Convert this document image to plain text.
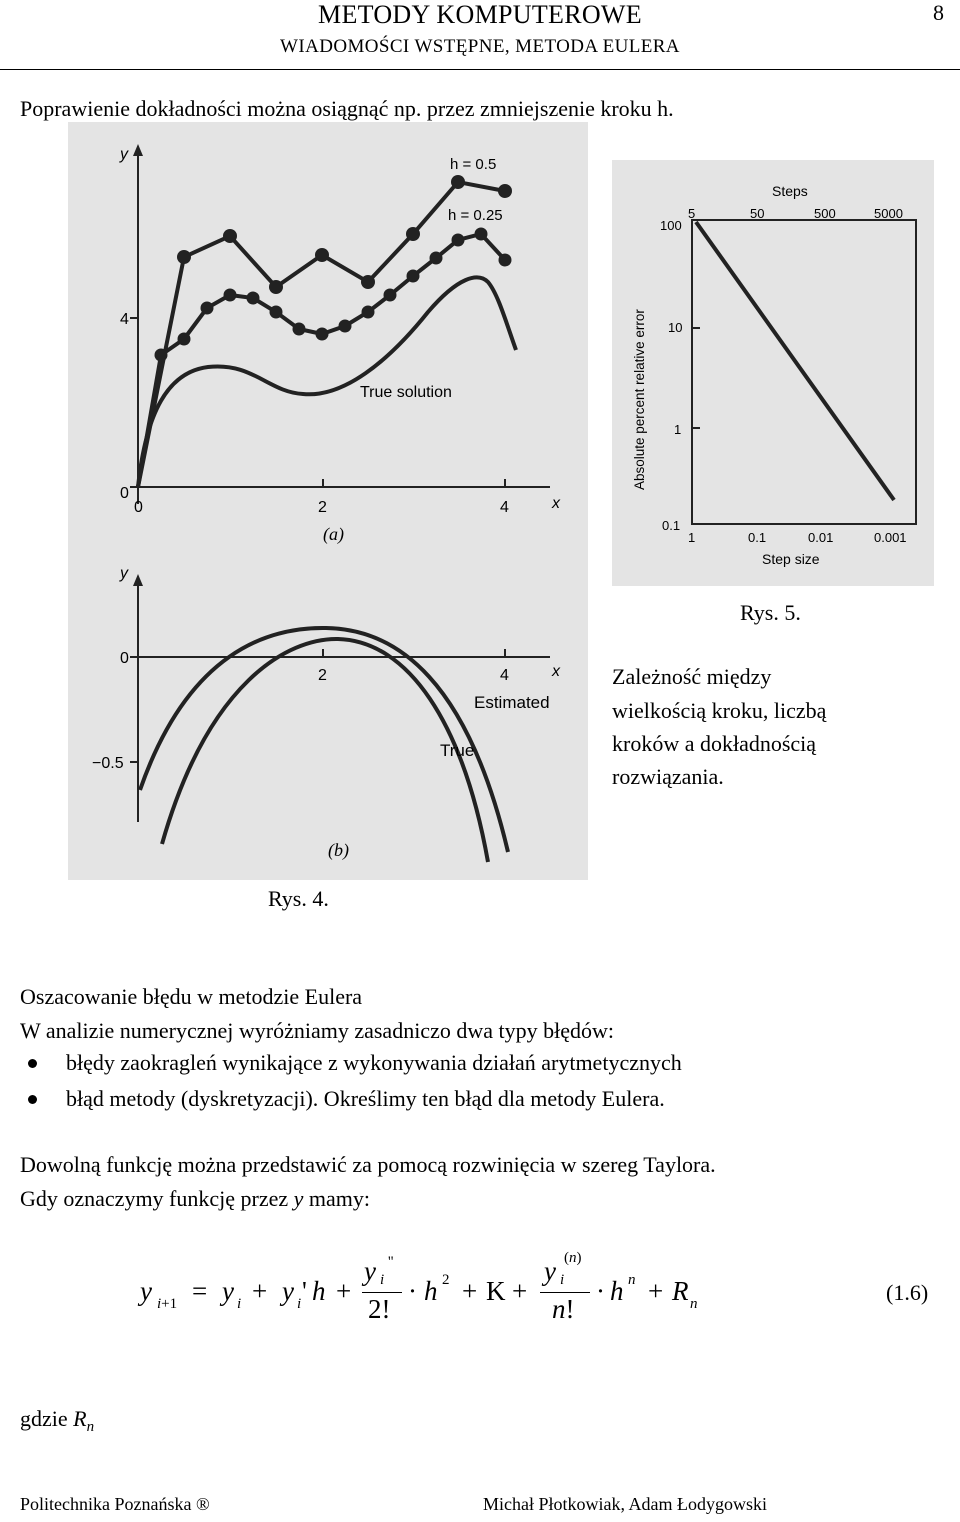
METODY KOMPUTEROWE
WIADOMOŚCI WSTĘPNE, METODA EULERA
8
Poprawienie dokładności można osiągnąć np. przez zmniejszenie kroku h.
y
x
4
0
0	2	4
h = 0.5
h = 0.25
True solution
(a)
y
x
0
−0.5
2	4
Estimated
True
(b)
Rys. 4.
Steps
5	50	500	5000
100
10
1
0.1
1	0.1	0.01	0.001
Step size
Absolute percent relative error
Rys. 5.
Zależność między
wielkością kroku, liczbą
kroków a dokładnością
rozwiązania.
Oszacowanie błędu w metodzie Eulera
W analizie numerycznej wyróżniamy zasadniczo dwa typy błędów:
błędy zaokragleń wynikające z wykonywania działań arytmetycznych
błąd metody (dyskretyzacji). Określimy ten błąd dla metody Eulera.
Dowolną funkcję można przedstawić za pomocą rozwinięcia w szereg Taylora.
Gdy oznaczymy funkcję przez y mamy:
y i+1 = y i + y i ' h +
y i
''
2!
· h 2 + K +
y i
(n)
n!
· h n + R n	(1.6)
gdzie $R_n$
Politechnika Poznańska ®	Michał Płotkowiak, Adam Łodygowski
